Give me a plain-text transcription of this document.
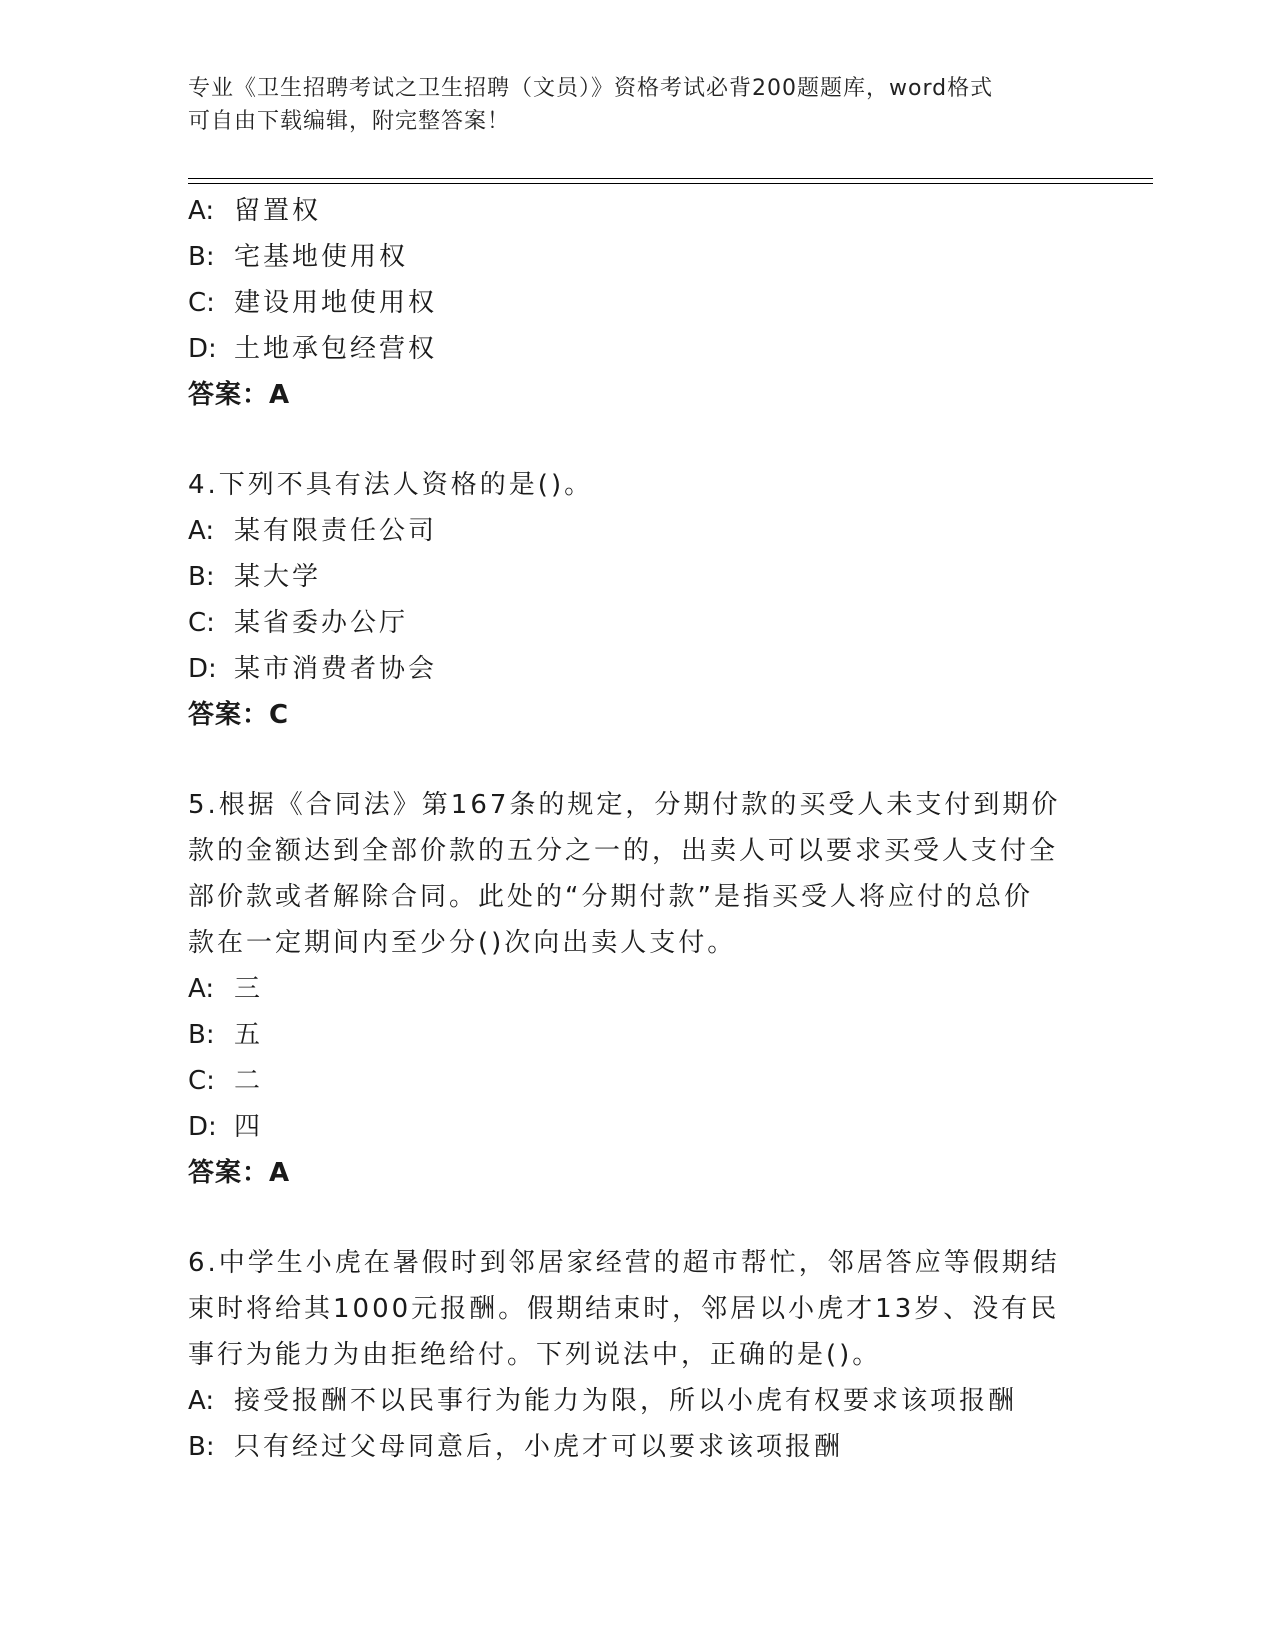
专业《卫生招聘考试之卫生招聘（文员）》资格考试必背200题题库，word格式
可自由下载编辑，附完整答案！
A: 留置权
B: 宅基地使用权
C: 建设用地使用权
D: 土地承包经营权
答案：A
4.下列不具有法人资格的是()。
A: 某有限责任公司
B: 某大学
C: 某省委办公厅
D: 某市消费者协会
答案：C
5.根据《合同法》第167条的规定，分期付款的买受人未支付到期价
款的金额达到全部价款的五分之一的，出卖人可以要求买受人支付全
部价款或者解除合同。此处的“分期付款”是指买受人将应付的总价
款在一定期间内至少分()次向出卖人支付。
A: 三
B: 五
C: 二
D: 四
答案：A
6.中学生小虎在暑假时到邻居家经营的超市帮忙，邻居答应等假期结
束时将给其1000元报酬。假期结束时，邻居以小虎才13岁、没有民
事行为能力为由拒绝给付。下列说法中，正确的是()。
A: 接受报酬不以民事行为能力为限，所以小虎有权要求该项报酬
B: 只有经过父母同意后，小虎才可以要求该项报酬
